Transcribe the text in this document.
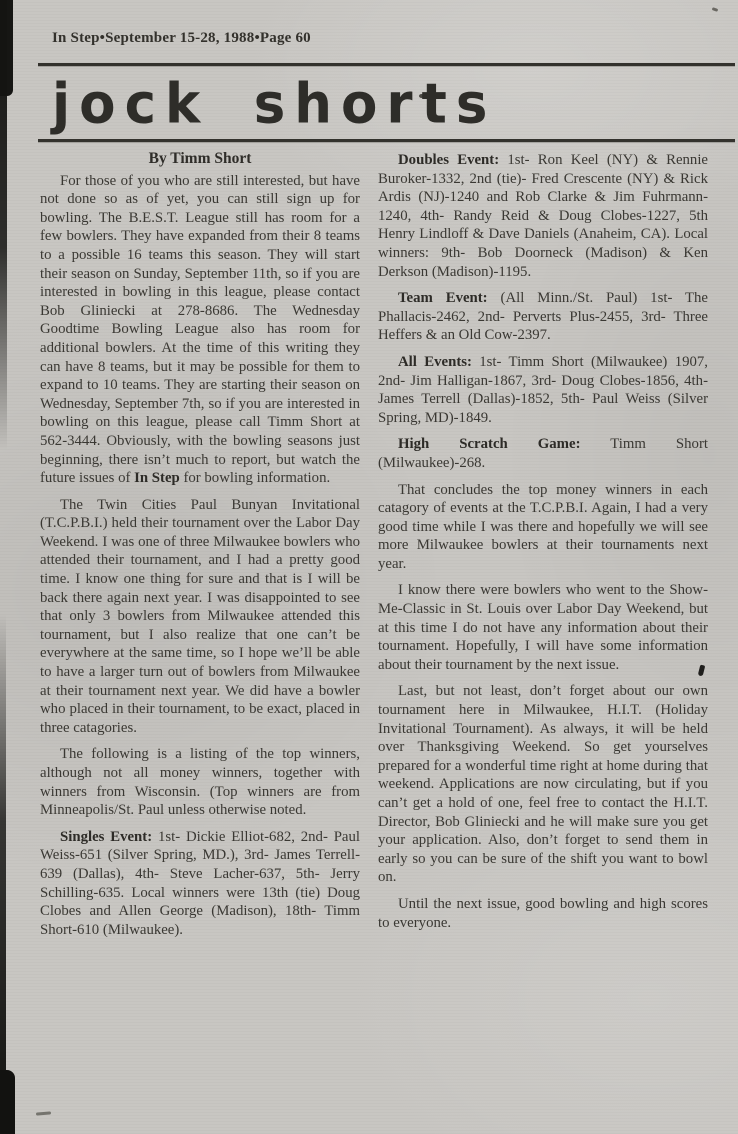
In Step•September 15-28, 1988•Page 60
jock shorts
By Timm Short

For those of you who are still interested, but have not done so as of yet, you can still sign up for bowling. The B.E.S.T. League still has room for a few bowlers. They have expanded from their 8 teams to a possible 16 teams this season. They will start their season on Sunday, September 11th, so if you are interested in bowling in this league, please contact Bob Gliniecki at 278-8686. The Wednesday Goodtime Bowling League also has room for additional bowlers. At the time of this writing they can have 8 teams, but it may be possible for them to expand to 10 teams. They are starting their season on Wednesday, September 7th, so if you are interested in bowling on this league, please call Timm Short at 562-3444. Obviously, with the bowling seasons just beginning, there isn’t much to report, but watch the future issues of In Step for bowling information.

The Twin Cities Paul Bunyan Invitational (T.C.P.B.I.) held their tournament over the Labor Day Weekend. I was one of three Milwaukee bowlers who attended their tournament, and I had a pretty good time. I know one thing for sure and that is I will be back there again next year. I was disappointed to see that only 3 bowlers from Milwaukee attended this tournament, but I also realize that one can’t be everywhere at the same time, so I hope we’ll be able to have a larger turn out of bowlers from Milwaukee at their tournament next year. We did have a bowler who placed in their tournament, to be exact, placed in three catagories.

The following is a listing of the top winners, although not all money winners, together with winners from Wisconsin. (Top winners are from Minneapolis/St. Paul unless otherwise noted.

Singles Event: 1st- Dickie Elliot-682, 2nd- Paul Weiss-651 (Silver Spring, MD.), 3rd- James Terrell-639 (Dallas), 4th- Steve Lacher-637, 5th- Jerry Schilling-635. Local winners were 13th (tie) Doug Clobes and Allen George (Madison), 18th- Timm Short-610 (Milwaukee).

Doubles Event: 1st- Ron Keel (NY) & Rennie Buroker-1332, 2nd (tie)- Fred Crescente (NY) & Rick Ardis (NJ)-1240 and Rob Clarke & Jim Fuhrmann-1240, 4th- Randy Reid & Doug Clobes-1227, 5th Henry Lindloff & Dave Daniels (Anaheim, CA). Local winners: 9th- Bob Doorneck (Madison) & Ken Derkson (Madison)-1195.

Team Event: (All Minn./St. Paul) 1st- The Phallacis-2462, 2nd- Perverts Plus-2455, 3rd- Three Heffers & an Old Cow-2397.

All Events: 1st- Timm Short (Milwaukee) 1907, 2nd- Jim Halligan-1867, 3rd- Doug Clobes-1856, 4th-James Terrell (Dallas)-1852, 5th- Paul Weiss (Silver Spring, MD)-1849.

High Scratch Game: Timm Short (Milwaukee)-268.

That concludes the top money winners in each catagory of events at the T.C.P.B.I. Again, I had a very good time while I was there and hopefully we will see more Milwaukee bowlers at their tournaments next year.

I know there were bowlers who went to the Show-Me-Classic in St. Louis over Labor Day Weekend, but at this time I do not have any information about their tournament. Hopefully, I will have some information about their tournament by the next issue.

Last, but not least, don’t forget about our own tournament here in Milwaukee, H.I.T. (Holiday Invitational Tournament). As always, it will be held over Thanksgiving Weekend. So get yourselves prepared for a wonderful time right at home during that weekend. Applications are now circulating, but if you can’t get a hold of one, feel free to contact the H.I.T. Director, Bob Gliniecki and he will make sure you get your application. Also, don’t forget to send them in early so you can be sure of the shift you want to bowl on.

Until the next issue, good bowling and high scores to everyone.
